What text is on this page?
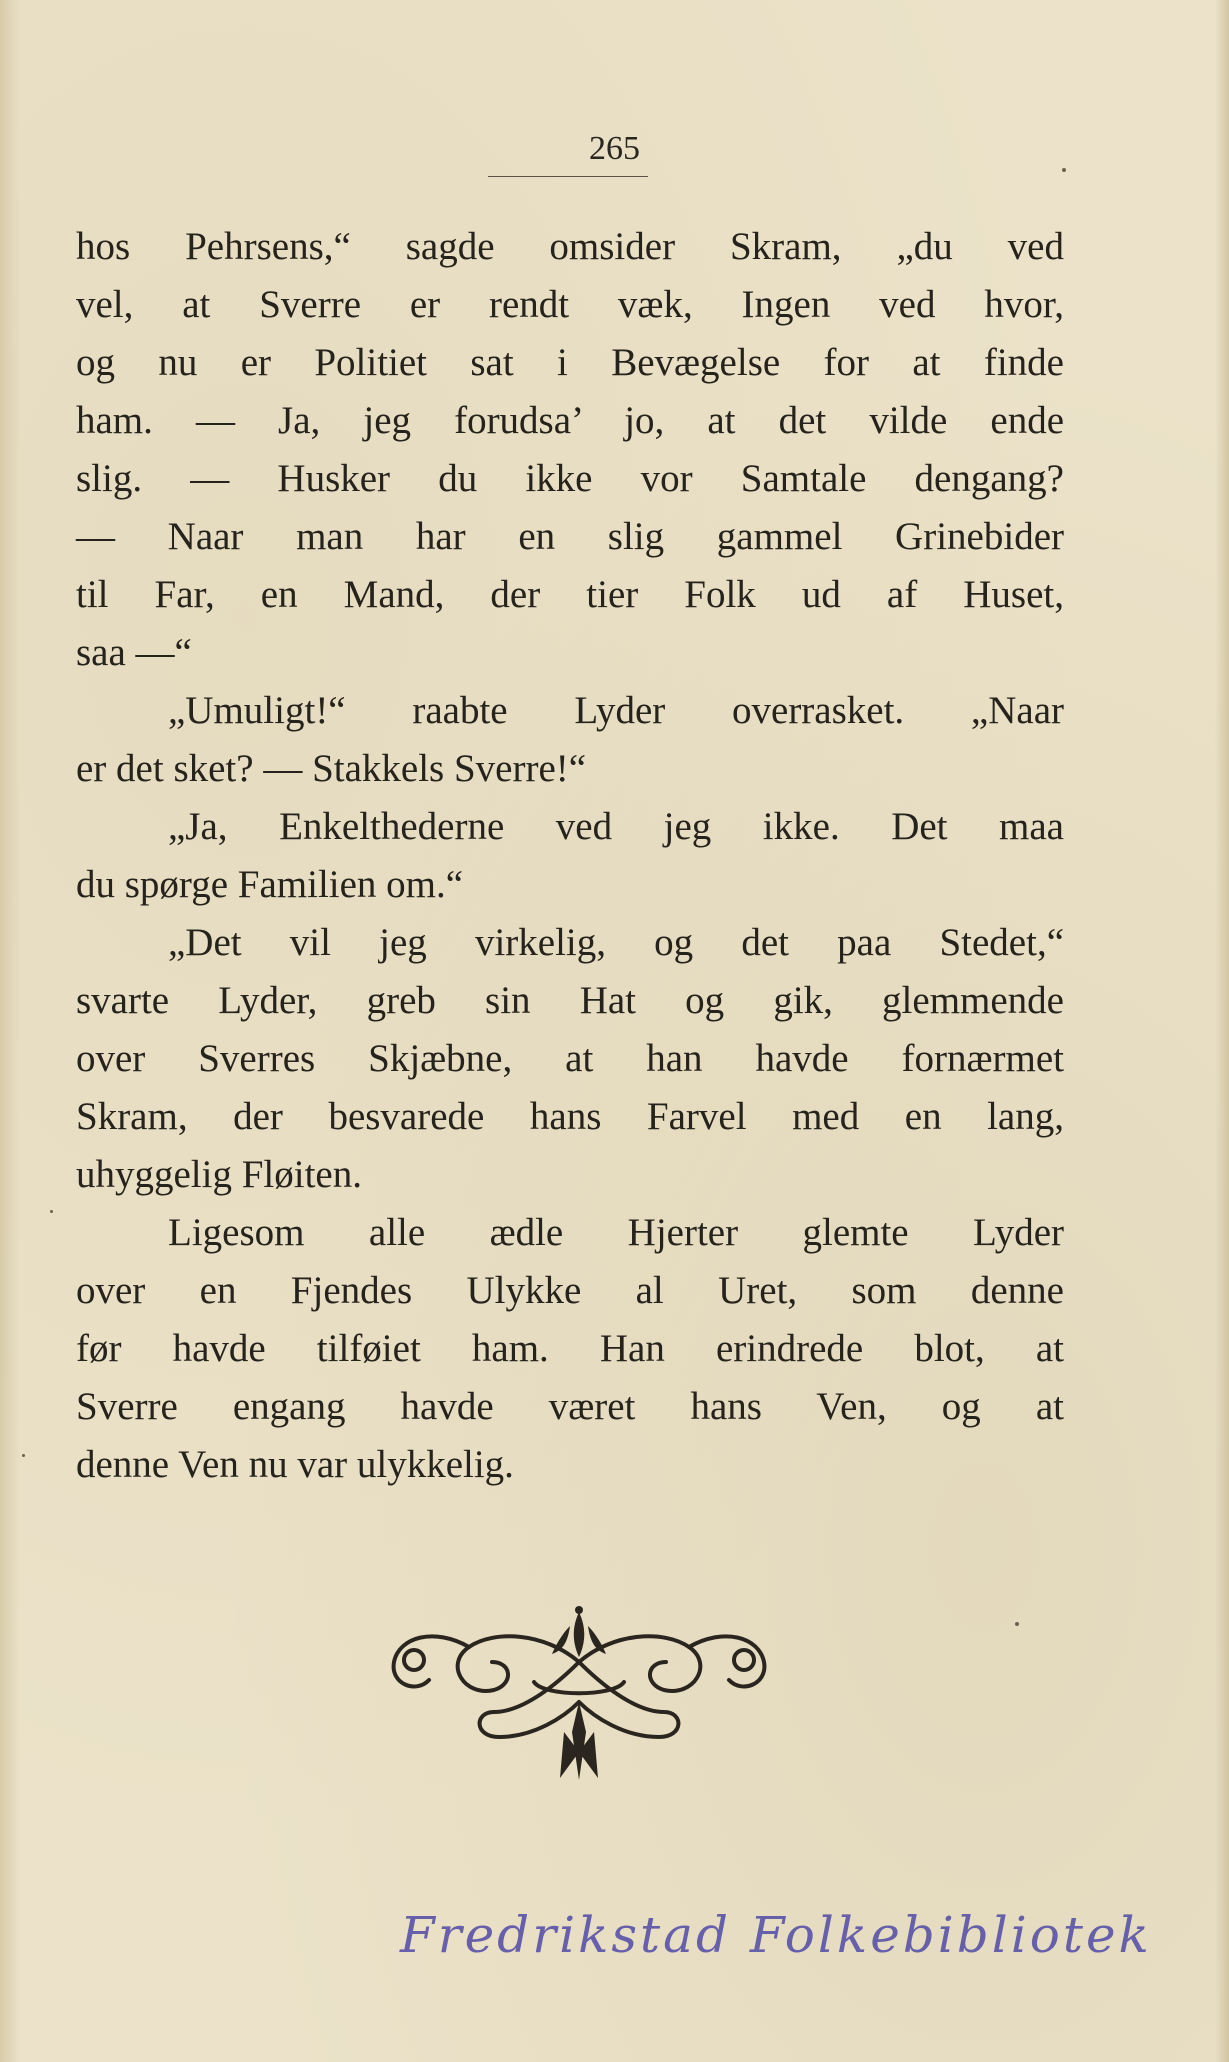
265
hos Pehrsens,“ sagde omsider Skram, „du ved
vel, at Sverre er rendt væk, Ingen ved hvor,
og nu er Politiet sat i Bevægelse for at finde
ham. — Ja, jeg forudsa’ jo, at det vilde ende
slig. — Husker du ikke vor Samtale dengang?
— Naar man har en slig gammel Grinebider
til Far, en Mand, der tier Folk ud af Huset,
saa —“
„Umuligt!“ raabte Lyder overrasket. „Naar
er det sket? — Stakkels Sverre!“
„Ja, Enkelthederne ved jeg ikke. Det maa
du spørge Familien om.“
„Det vil jeg virkelig, og det paa Stedet,“
svarte Lyder, greb sin Hat og gik, glemmende
over Sverres Skjæbne, at han havde fornærmet
Skram, der besvarede hans Farvel med en lang,
uhyggelig Fløiten.
Ligesom alle ædle Hjerter glemte Lyder
over en Fjendes Ulykke al Uret, som denne
før havde tilføiet ham. Han erindrede blot, at
Sverre engang havde været hans Ven, og at
denne Ven nu var ulykkelig.
Fredrikstad Folkebibliotek
